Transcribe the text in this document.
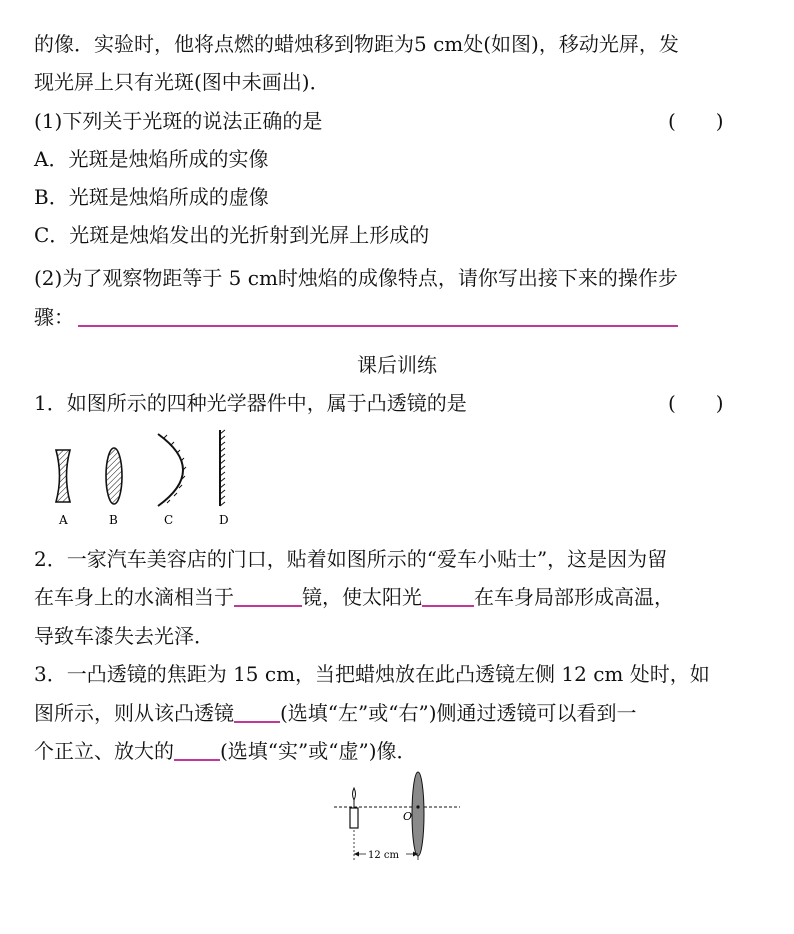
的像．实验时，他将点燃的蜡烛移到物距为5 cm处(如图)，移动光屏，发
现光屏上只有光斑(图中未画出)．
(1)下列关于光斑的说法正确的是	(　　)
A．光斑是烛焰所成的实像
B．光斑是烛焰所成的虚像
C．光斑是烛焰发出的光折射到光屏上形成的
(2)为了观察物距等于 5 cm时烛焰的成像特点，请你写出接下来的操作步
骤：
课后训练
1．如图所示的四种光学器件中，属于凸透镜的是	(　　)
A	B	C	D
2．一家汽车美容店的门口，贴着如图所示的“爱车小贴士”，这是因为留
在车身上的水滴相当于	镜，使太阳光	在车身局部形成高温，
导致车漆失去光泽．
3．一凸透镜的焦距为 15 cm，当把蜡烛放在此凸透镜左侧 12 cm 处时，如
图所示，则从该凸透镜 (选填“左”或“右”)侧通过透镜可以看到一
个正立、放大的 (选填“实”或“虚”)像．
O
12 cm
